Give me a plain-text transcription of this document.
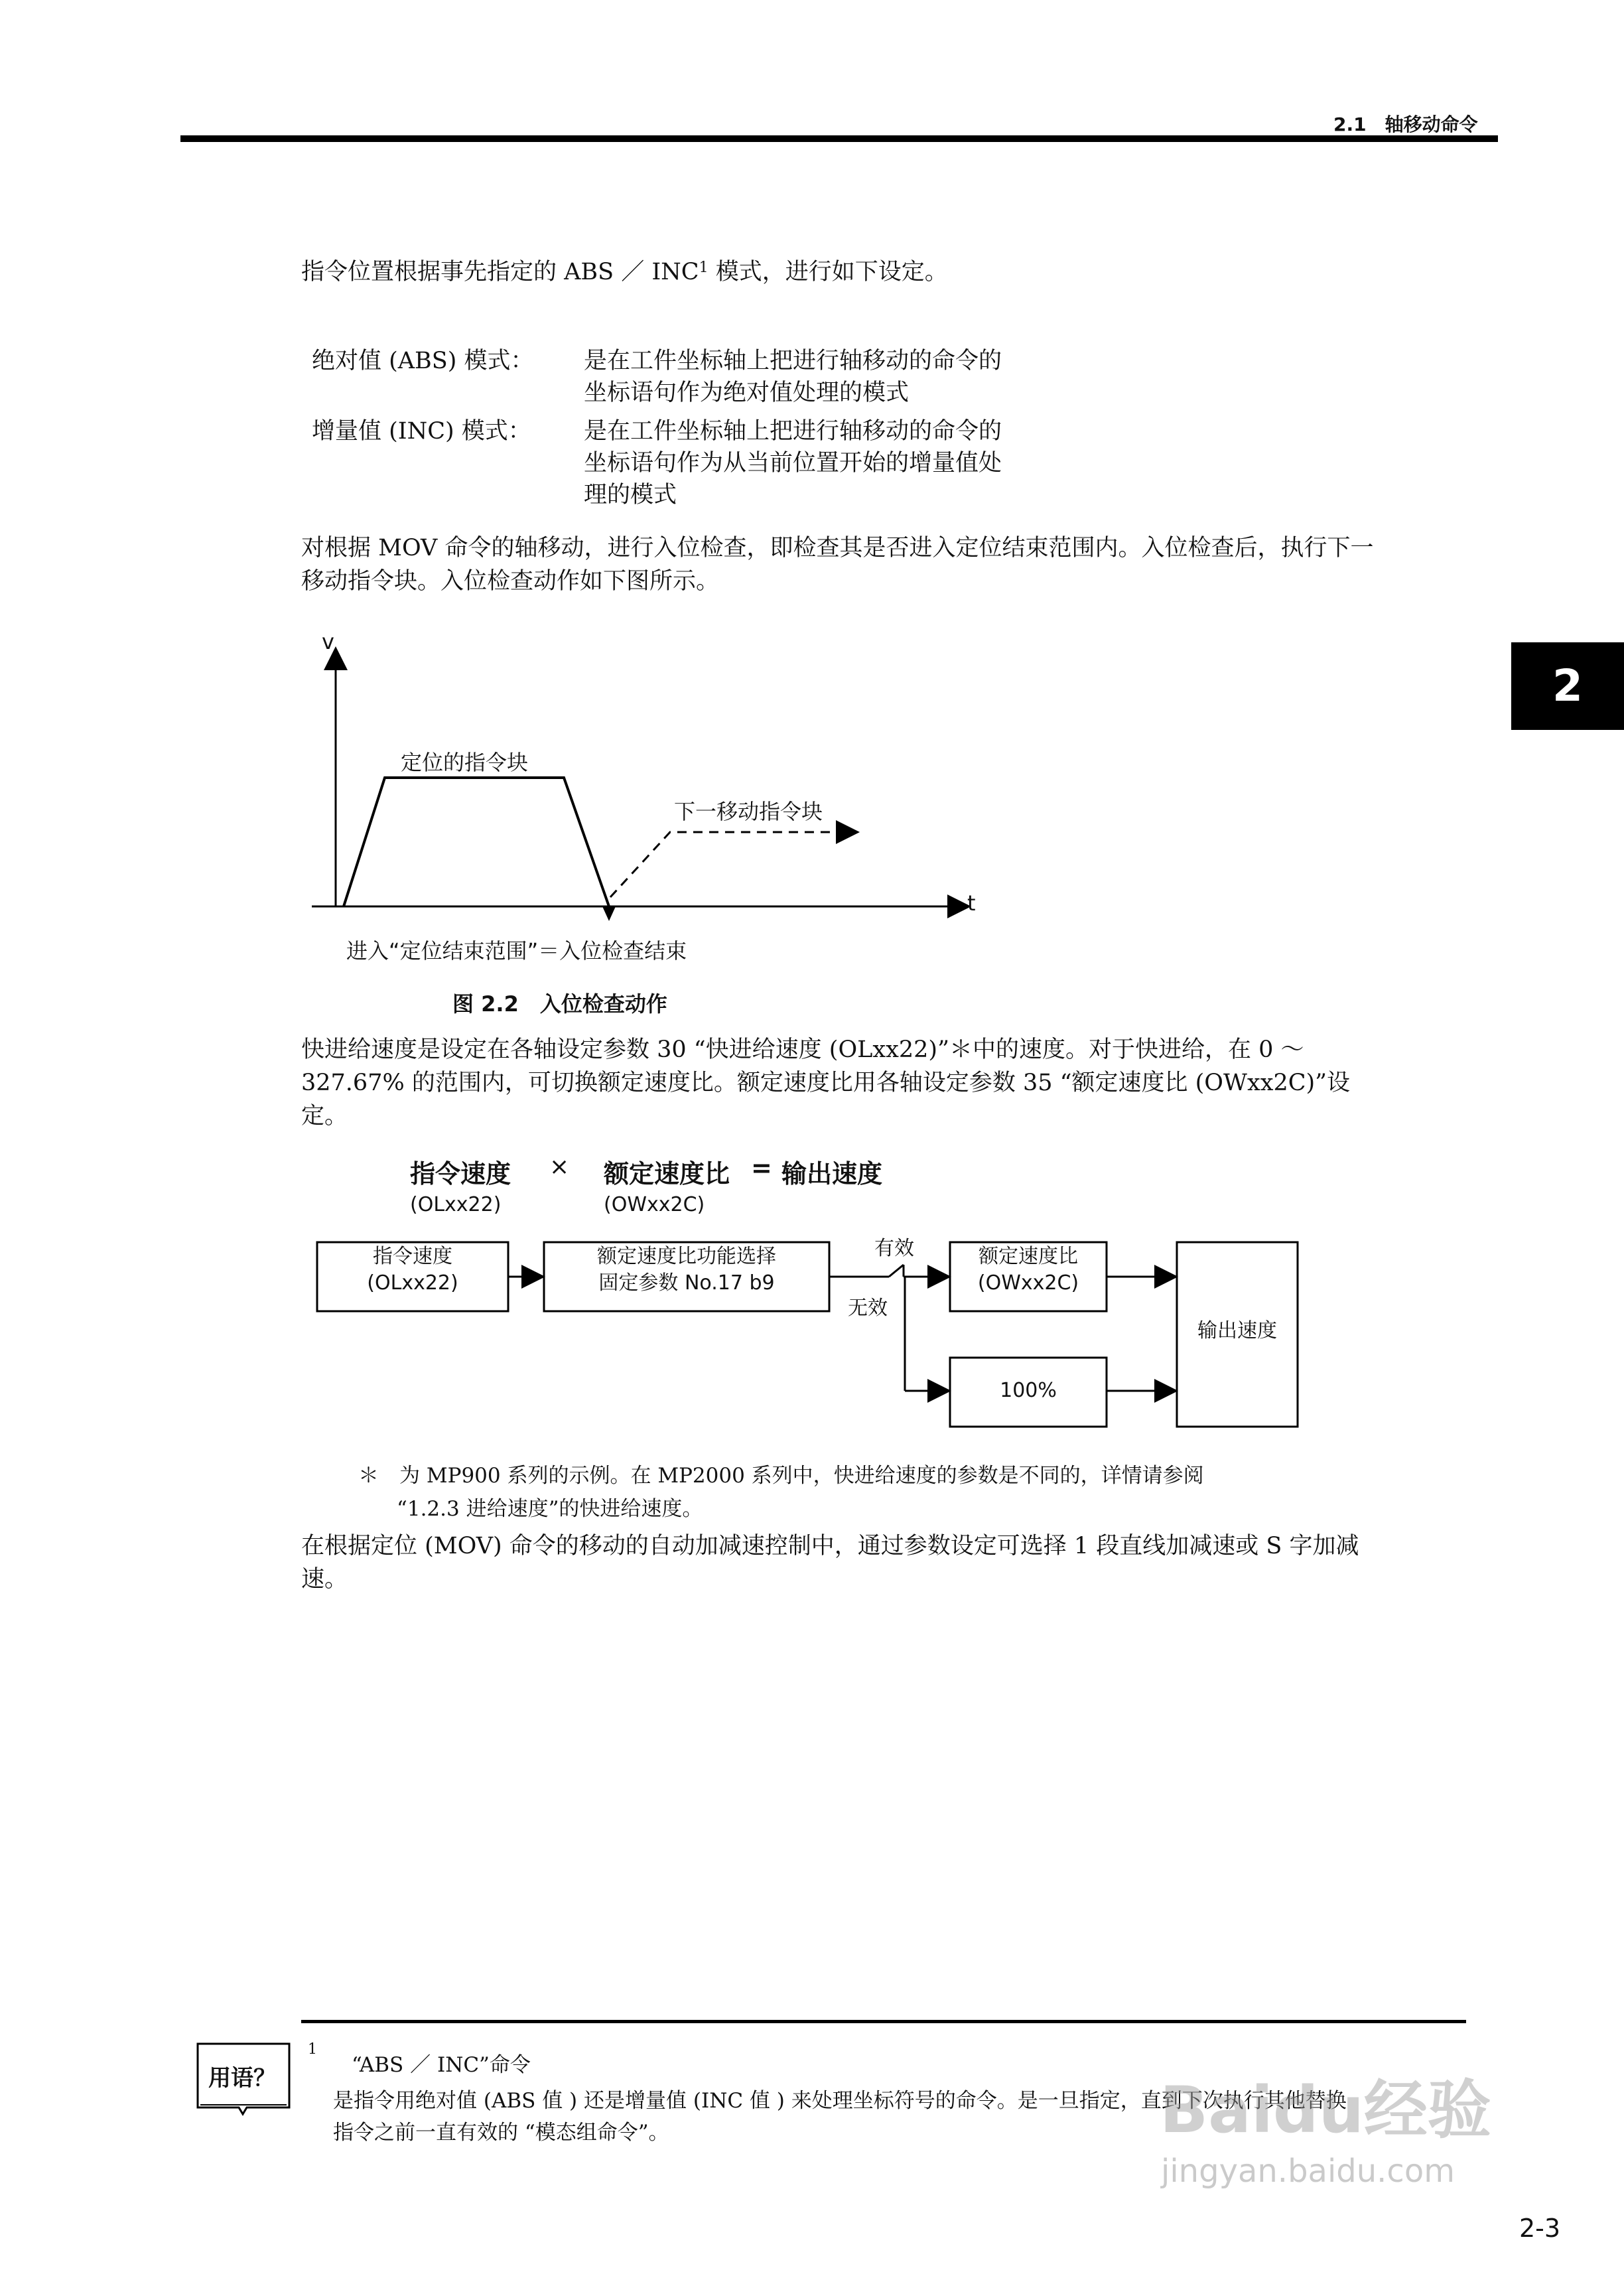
2.1　轴移动命令
2
指令位置根据事先指定的 ABS ／ INC$^1$ 模式，进行如下设定。
绝对值 (ABS) 模式： 是在工件坐标轴上把进行轴移动的命令的
坐标语句作为绝对值处理的模式
增量值 (INC) 模式： 是在工件坐标轴上把进行轴移动的命令的
坐标语句作为从当前位置开始的增量值处
理的模式
对根据 MOV 命令的轴移动，进行入位检查，即检查其是否进入定位结束范围内。入位检查后，执行下一
移动指令块。入位检查动作如下图所示。
v
t
定位的指令块
下一移动指令块
进入“定位结束范围”＝入位检查结束
图 2.2　入位检查动作
快进给速度是设定在各轴设定参数 30 “快进给速度 (OLxx22)”＊中的速度。对于快进给，在 0 ～
327.67% 的范围内，可切换额定速度比。额定速度比用各轴设定参数 35 “额定速度比 (OWxx2C)”设
定。
指令速度 × 额定速度比 = 输出速度
(OLxx22)	(OWxx2C)
指令速度
(OLxx22)
额定速度比功能选择
固定参数 No.17 b9
有效
无效
额定速度比
(OWxx2C)
100%
输出速度
＊　为 MP900 系列的示例。在 MP2000 系列中，快进给速度的参数是不同的，详情请参阅
“1.2.3 进给速度”的快进给速度。
在根据定位 (MOV) 命令的移动的自动加减速控制中，通过参数设定可选择 1 段直线加减速或 S 字加减
速。
用语？
1
“ABS ／ INC”命令
是指令用绝对值 (ABS 值 ) 还是增量值 (INC 值 ) 来处理坐标符号的命令。是一旦指定，直到下次执行其他替换
指令之前一直有效的 “模态组命令”。	Baidu经验
jingyan.baidu.com
2-3
